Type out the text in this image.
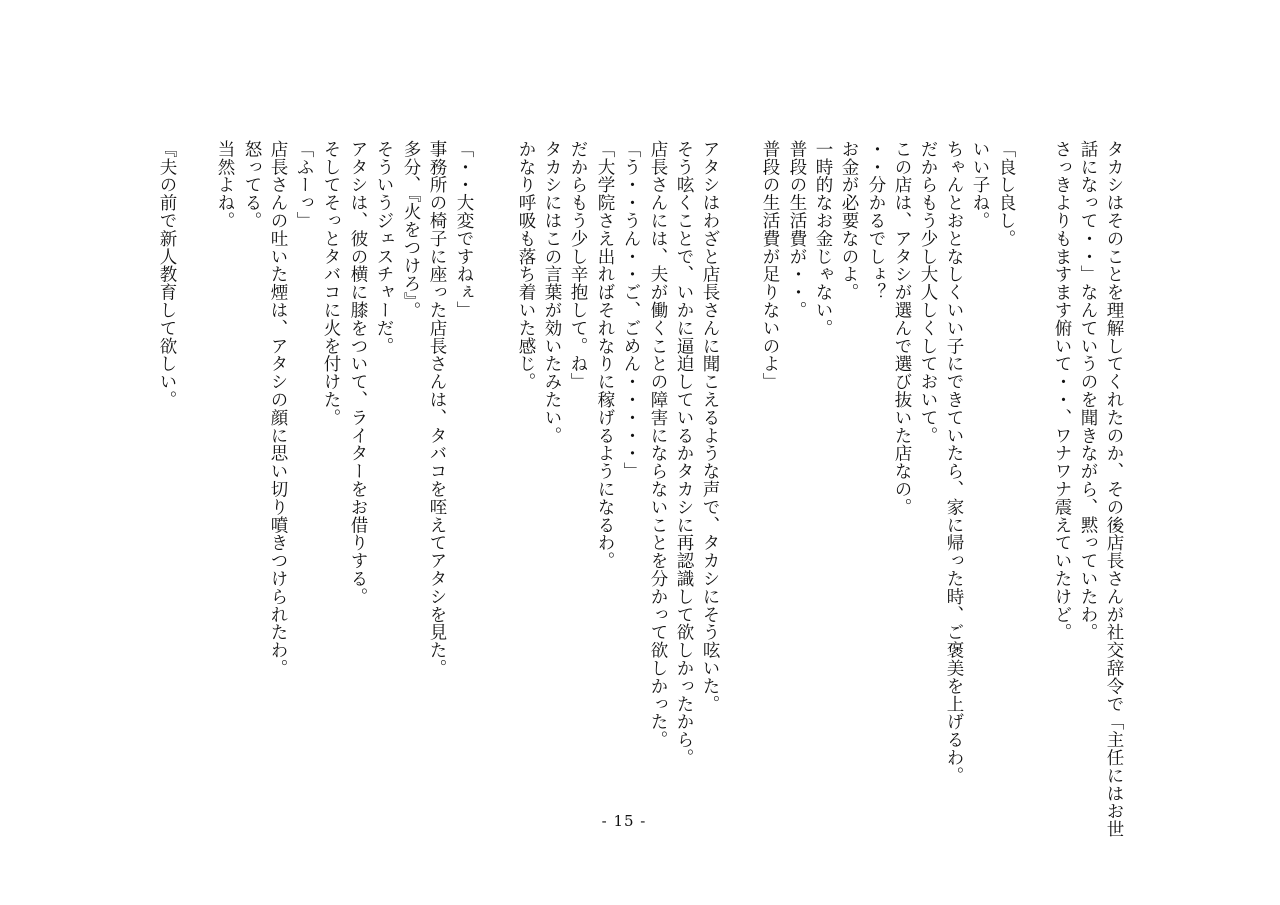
タカシはそのことを理解してくれたのか、その後店長さんが社交辞令で「主任にはお世
話になって・・」なんていうのを聞きながら、黙っていたわ。
さっきよりもますます俯いて・・、ワナワナ震えていたけど。
「良し良し。
いい子ね。
ちゃんとおとなしくいい子にできていたら、家に帰った時、ご褒美を上げるわ。
だからもう少し大人しくしておいて。
この店は、アタシが選んで選び抜いた店なの。
・・分かるでしょ？
お金が必要なのよ。
一時的なお金じゃない。
普段の生活費が・・。
普段の生活費が足りないのよ」
アタシはわざと店長さんに聞こえるような声で、タカシにそう呟いた。
そう呟くことで、いかに逼迫しているかタカシに再認識して欲しかったから。
店長さんには、夫が働くことの障害にならないことを分かって欲しかった。
「う・・うん・・ご、ごめん・・・・・」
「大学院さえ出ればそれなりに稼げるようになるわ。
だからもう少し辛抱して。ね」
タカシにはこの言葉が効いたみたい。
かなり呼吸も落ち着いた感じ。
「・・大変ですねぇ」
事務所の椅子に座った店長さんは、タバコを咥えてアタシを見た。
多分、『火をつけろ』。
そういうジェスチャーだ。
アタシは、彼の横に膝をついて、ライターをお借りする。
そしてそっとタバコに火を付けた。
「ふーっ」
店長さんの吐いた煙は、アタシの顔に思い切り噴きつけられたわ。
怒ってる。
当然よね。
『夫の前で新人教育して欲しい。
- 15 -
